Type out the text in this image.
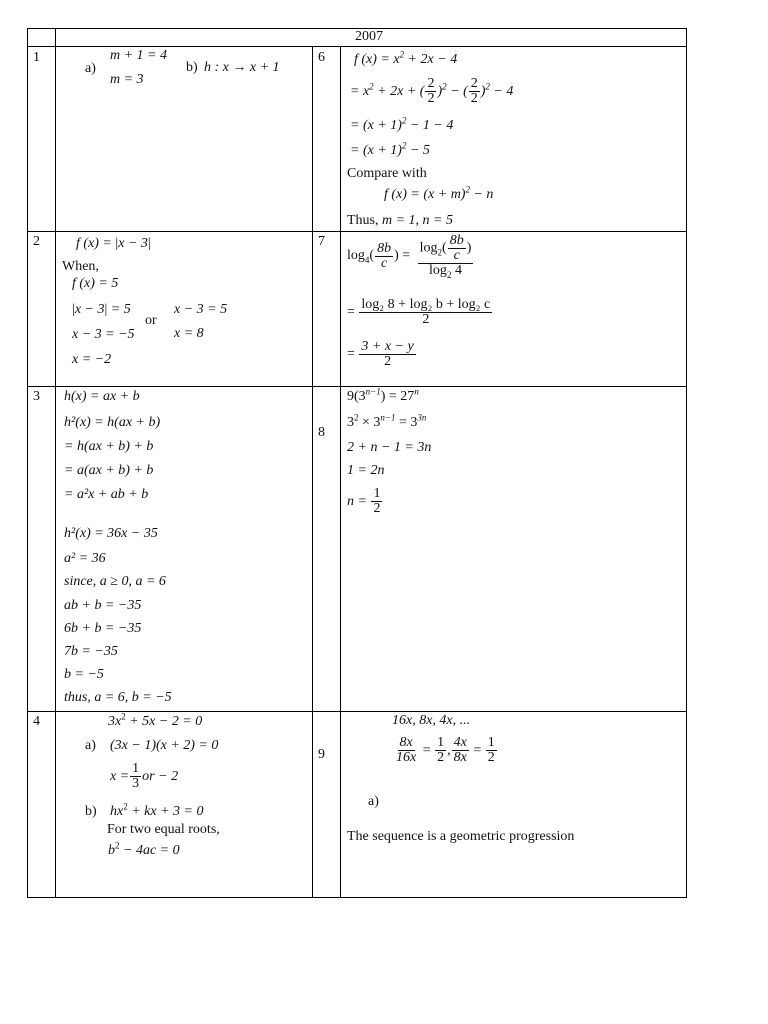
2007
1
a)
m + 1 = 4
m = 3
b) h : x → x + 1
6 f $(x) = x^2 + 2x - 4$
= $x^2 + 2x$ + ( $\frac{2}{2} )^2$ − ( $\frac{2}{2} )^2 - 4$
= $(x + 1)^2 - 1 - 4$
= $(x + 1)^2 - 5$
Compare with
f $(x) = (x + m)^2 - n$
Thus, m = 1, n = 5
2	f (x) = |x − 3|
When,
f (x) = 5
|x − 3| = 5
or
x − 3 = 5
x = 8
x − 3 = −5
x = −2
7
$\log_4( \frac{8b}{c}$ ) = $\frac{\log_2( \frac{8b}{c} )}{\log_2 4}$
= $\frac{\text{log₂ 8 + log₂ b + log₂ c}}{2}$
= $\frac{3 + x - y}{2}$
3 h(x) = ax + b
h²(x) = h(ax + b)
= h(ax + b) + b
= a(ax + b) + b
= a²x + ab + b
h²(x) = 36x − 35
a² = 36
since, a ≥ 0, a = 6
ab + b = −35
6b + b = −35
7b = −35
b = −5
thus, a = 6, b = −5
8
$9(3^{n-1}) = 27^n$
$3^2 \times 3^{n-1} = 3^{3n}$
2 + n − 1 = 3n
1 = 2n
$n = \frac{1}{2}$
4	$3x^2 + 5x - 2 = 0$
a) (3x − 1)(x + 2) = 0
$x = \frac{1}{3}$ or − 2
b) $hx^2$ + kx + 3 = 0
For two equal roots,
$b^2 - 4ac = 0$
9
16x, 8x, 4x, ...
$\frac{8x}{16x} = \frac{1}{2}$ , $\frac{4x}{8x} = \frac{1}{2}$
a)
The sequence is a geometric progression
